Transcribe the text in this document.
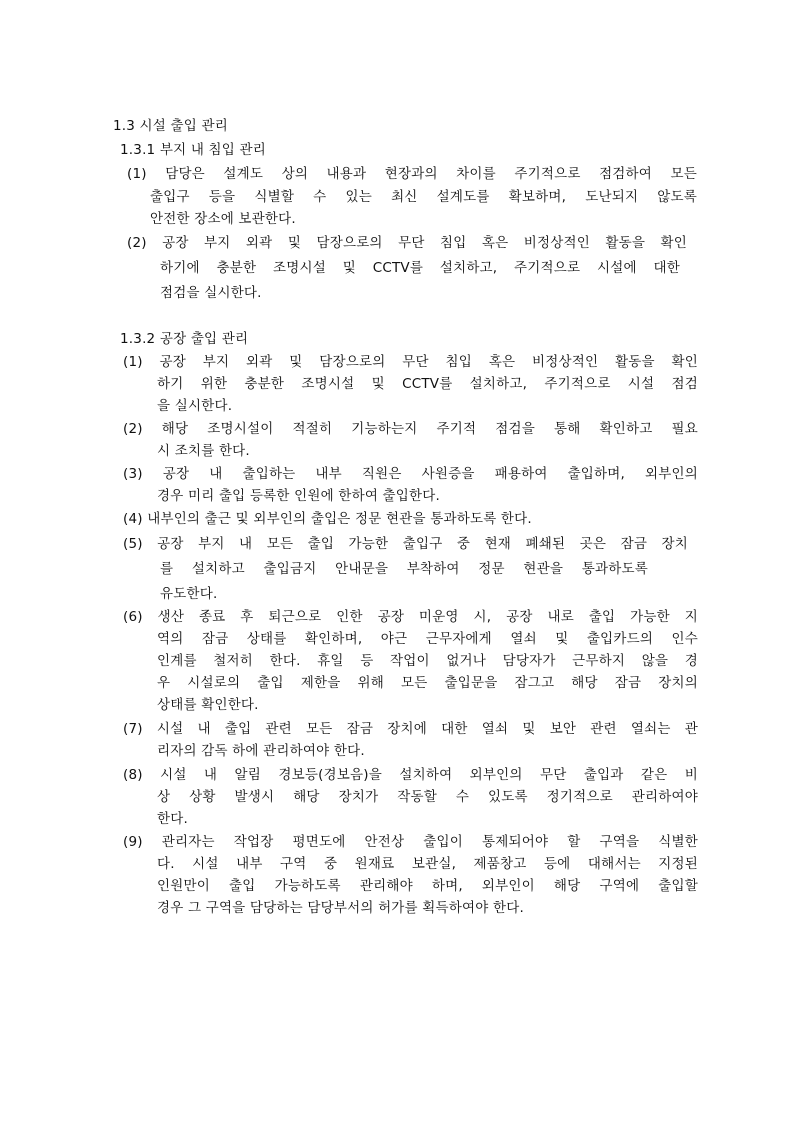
1.3 시설 출입 관리
1.3.1 부지 내 침입 관리
(1) 담당은 설계도 상의 내용과 현장과의 차이를 주기적으로 점검하여 모든
출입구 등을 식별할 수 있는 최신 설계도를 확보하며, 도난되지 않도록
안전한 장소에 보관한다.
(2) 공장 부지 외곽 및 담장으로의 무단 침입 혹은 비정상적인 활동을 확인
하기에 충분한 조명시설 및 CCTV를 설치하고, 주기적으로 시설에 대한
점검을 실시한다.
1.3.2 공장 출입 관리
(1) 공장 부지 외곽 및 담장으로의 무단 침입 혹은 비정상적인 활동을 확인
하기 위한 충분한 조명시설 및 CCTV를 설치하고, 주기적으로 시설 점검
을 실시한다.
(2) 해당 조명시설이 적절히 기능하는지 주기적 점검을 통해 확인하고 필요
시 조치를 한다.
(3) 공장 내 출입하는 내부 직원은 사원증을 패용하여 출입하며, 외부인의
경우 미리 출입 등록한 인원에 한하여 출입한다.
(4) 내부인의 출근 및 외부인의 출입은 정문 현관을 통과하도록 한다.
(5) 공장 부지 내 모든 출입 가능한 출입구 중 현재 폐쇄된 곳은 잠금 장치
를 설치하고 출입금지 안내문을 부착하여 정문 현관을 통과하도록
유도한다.
(6) 생산 종료 후 퇴근으로 인한 공장 미운영 시, 공장 내로 출입 가능한 지
역의 잠금 상태를 확인하며, 야근 근무자에게 열쇠 및 출입카드의 인수
인계를 철저히 한다. 휴일 등 작업이 없거나 담당자가 근무하지 않을 경
우 시설로의 출입 제한을 위해 모든 출입문을 잠그고 해당 잠금 장치의
상태를 확인한다.
(7) 시설 내 출입 관련 모든 잠금 장치에 대한 열쇠 및 보안 관련 열쇠는 관
리자의 감독 하에 관리하여야 한다.
(8) 시설 내 알림 경보등(경보음)을 설치하여 외부인의 무단 출입과 같은 비
상 상황 발생시 해당 장치가 작동할 수 있도록 정기적으로 관리하여야
한다.
(9) 관리자는 작업장 평면도에 안전상 출입이 통제되어야 할 구역을 식별한
다. 시설 내부 구역 중 원재료 보관실, 제품창고 등에 대해서는 지정된
인원만이 출입 가능하도록 관리해야 하며, 외부인이 해당 구역에 출입할
경우 그 구역을 담당하는 담당부서의 허가를 획득하여야 한다.
